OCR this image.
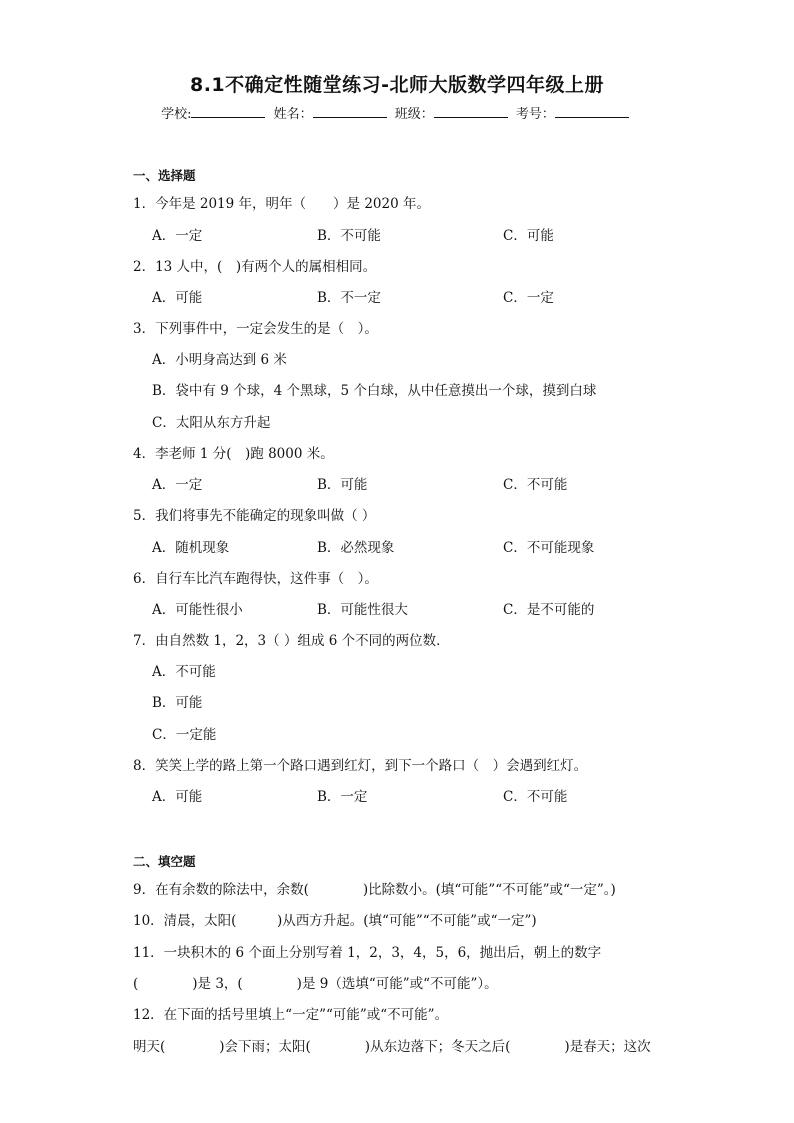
8.1不确定性随堂练习-北师大版数学四年级上册
学校:	姓名：	班级：	考号：
一、选择题
1．今年是 2019 年，明年（　　）是 2020 年。
A．一定	B．不可能	C．可能
2．13 人中，(　)有两个人的属相相同。
A．可能	B．不一定	C．一定
3．下列事件中，一定会发生的是（　）。
A．小明身高达到 6 米
B．袋中有 9 个球，4 个黑球，5 个白球，从中任意摸出一个球，摸到白球
C．太阳从东方升起
4．李老师 1 分(　)跑 8000 米。
A．一定	B．可能	C．不可能
5．我们将事先不能确定的现象叫做（ ）
A．随机现象	B．必然现象	C．不可能现象
6．自行车比汽车跑得快，这件事（　）。
A．可能性很小	B．可能性很大	C．是不可能的
7．由自然数 1，2，3（ ）组成 6 个不同的两位数．
A．不可能
B．可能
C．一定能
8．笑笑上学的路上第一个路口遇到红灯，到下一个路口（　）会遇到红灯。
A．可能	B．一定	C．不可能
二、填空题
9．在有余数的除法中，余数(　　　　)比除数小。(填“可能”“不可能”或“一定”。)
10．清晨，太阳(　　　)从西方升起。(填“可能”“不可能”或“一定”)
11．一块积木的 6 个面上分别写着 1，2，3，4，5，6，抛出后，朝上的数字
(　　　　)是 3，(　　　　)是 9（选填“可能”或“不可能”）。
12．在下面的括号里填上“一定”“可能”或“不可能”。
明天(　　　　)会下雨；太阳(　　　　)从东边落下；冬天之后(　　　　)是春天；这次
